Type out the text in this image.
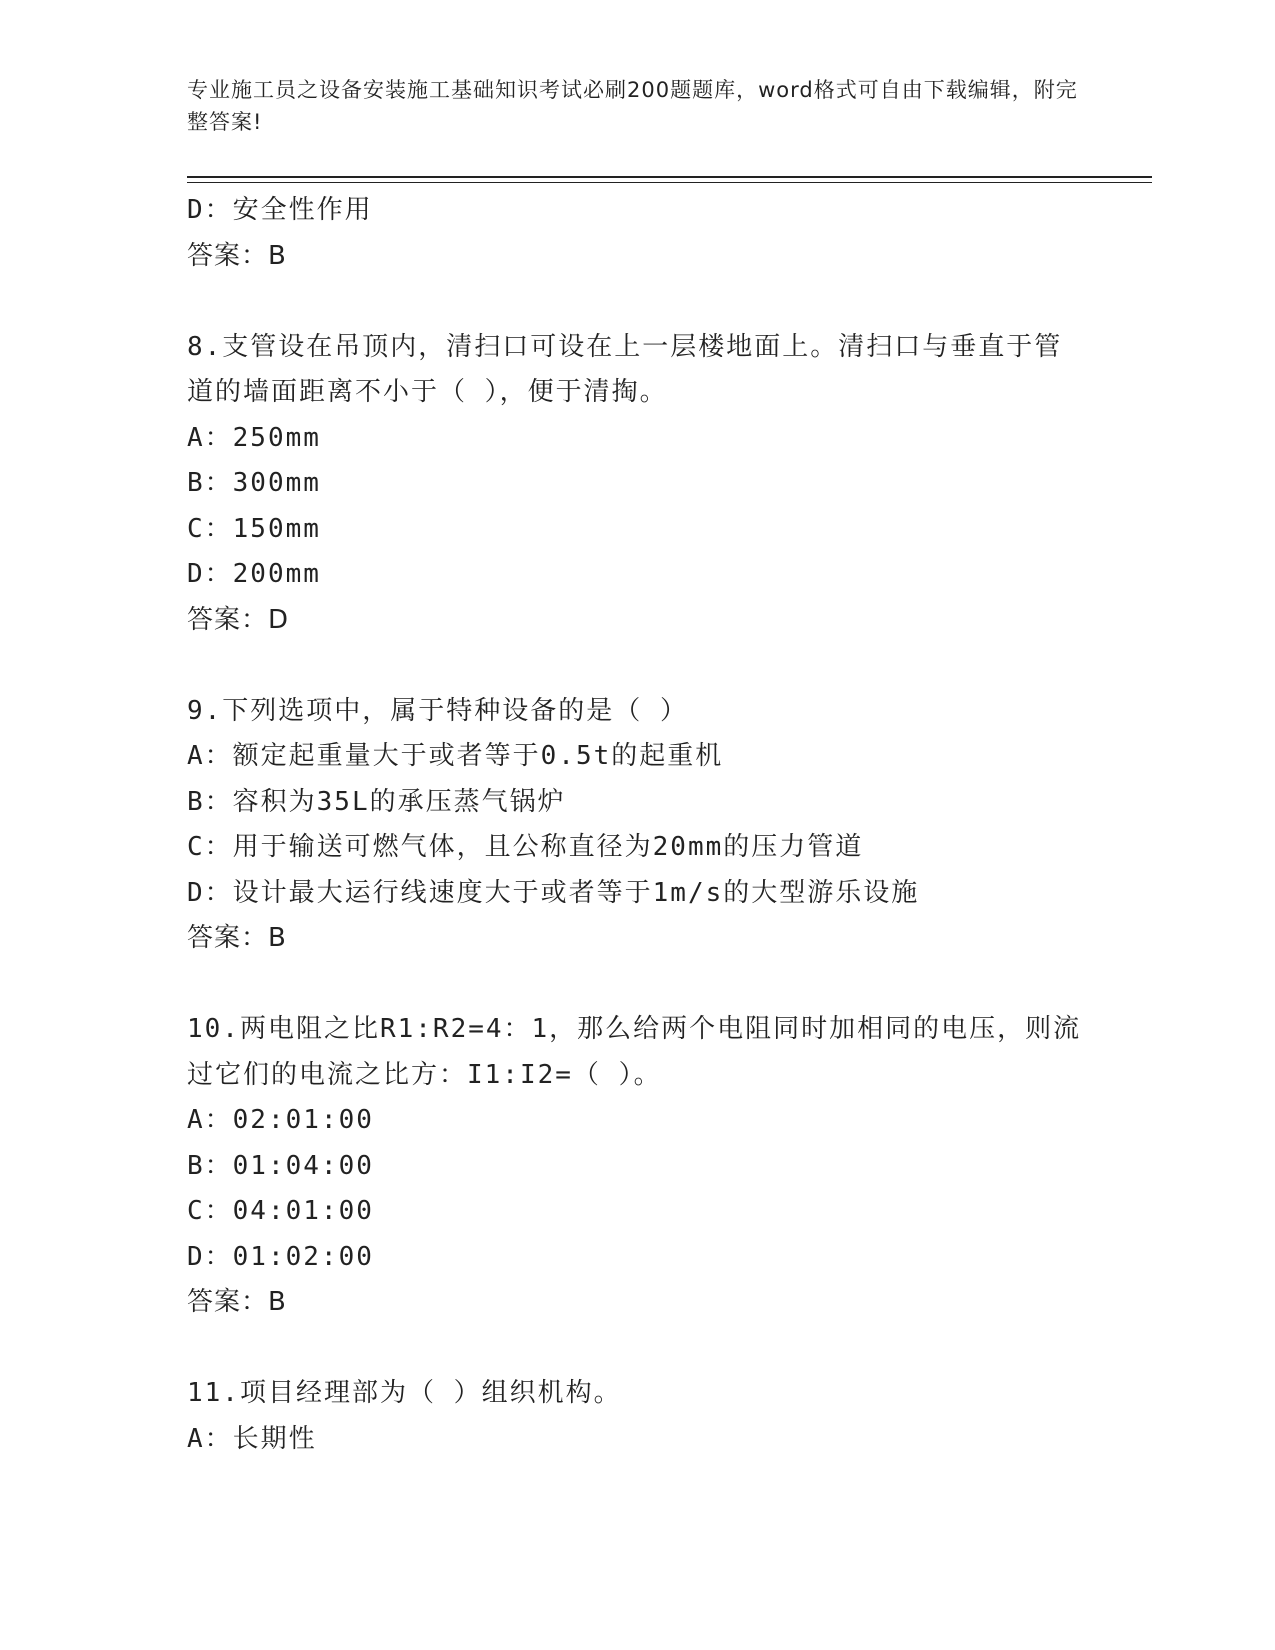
专业施工员之设备安装施工基础知识考试必刷200题题库，word格式可自由下载编辑，附完整答案!
D：安全性作用
答案：B
8.支管设在吊顶内，清扫口可设在上一层楼地面上。清扫口与垂直于管道的墙面距离不小于（ ），便于清掏。
A：250mm
B：300mm
C：150mm
D：200mm
答案：D
9.下列选项中，属于特种设备的是（ ）
A：额定起重量大于或者等于0.5t的起重机
B：容积为35L的承压蒸气锅炉
C：用于输送可燃气体，且公称直径为20mm的压力管道
D：设计最大运行线速度大于或者等于1m/s的大型游乐设施
答案：B
10.两电阻之比R1:R2=4：1，那么给两个电阻同时加相同的电压，则流过它们的电流之比方：I1:I2=（ ）。
A：02:01:00
B：01:04:00
C：04:01:00
D：01:02:00
答案：B
11.项目经理部为（ ）组织机构。
A：长期性
